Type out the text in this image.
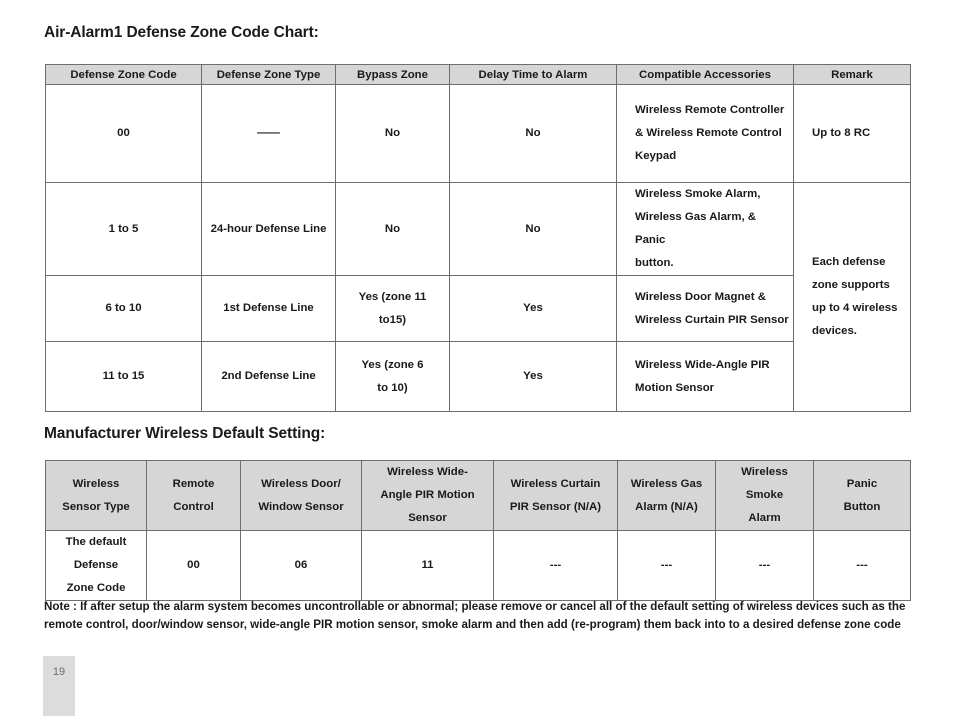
Air-Alarm1 Defense Zone Code Chart:
Defense Zone Code	Defense Zone Type	Bypass Zone	Delay Time to Alarm	Compatible Accessories	Remark
00	——	No	No	Wireless Remote Controller
& Wireless Remote Control
Keypad	Up to 8 RC
1 to 5	24-hour Defense Line	No	No	Wireless Smoke Alarm,
Wireless Gas Alarm, & Panic
button.	Each defense
zone supports
up to 4 wireless
devices.
6 to 10	1st Defense Line	Yes (zone 11
to15)	Yes	Wireless Door Magnet &
Wireless Curtain PIR Sensor	
11 to 15	2nd Defense Line	Yes (zone 6
to 10)	Yes	Wireless Wide-Angle PIR
Motion Sensor	
Manufacturer Wireless Default Setting:
Wireless
Sensor Type	Remote
Control	Wireless Door/
Window Sensor	Wireless Wide-
Angle PIR Motion
Sensor	Wireless Curtain
PIR Sensor (N/A)	Wireless Gas
Alarm (N/A)	Wireless
Smoke
Alarm	Panic
Button
The default
Defense
Zone Code	00	06	11	---	---	---	---

Note : If after setup the alarm system becomes uncontrollable or abnormal; please remove or cancel all of the default setting of wireless devices such as the remote control, door/window sensor, wide-angle PIR motion sensor, smoke alarm and then add (re-program) them back into to a desired defense zone code

19
